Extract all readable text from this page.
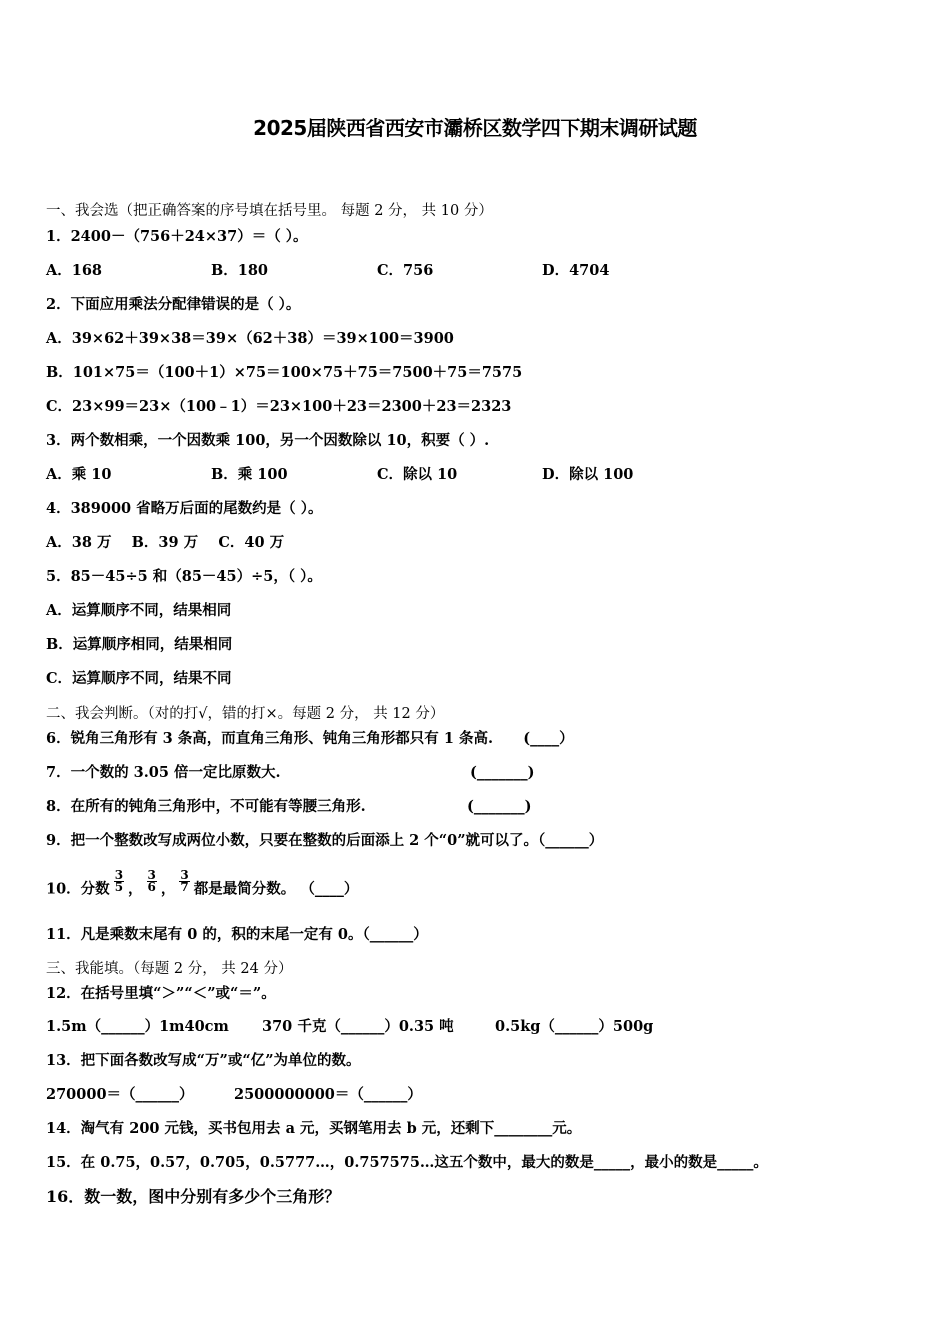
2025届陕西省西安市灞桥区数学四下期末调研试题
一、我会选（把正确答案的序号填在括号里。 每题 2 分， 共 10 分）
1．2400－（756＋24×37）＝（ ）。
A．168	B．180	C．756	D．4704
2．下面应用乘法分配律错误的是（ ）。
A．39×62＋39×38＝39×（62＋38）＝39×100＝3900
B．101×75＝（100＋1）×75＝100×75＋75＝7500＋75＝7575
C．23×99＝23×（100﹣1）＝23×100＋23＝2300＋23＝2323
3．两个数相乘，一个因数乘 100，另一个因数除以 10，积要（ ）.
A．乘 10	B．乘 100	C．除以 10	D．除以 100
4．389000 省略万后面的尾数约是（ ）。
A．38 万    B．39 万    C．40 万
5．85－45÷5 和（85－45）÷5，（ ）。
A．运算顺序不同，结果相同
B．运算顺序相同，结果相同
C．运算顺序不同，结果不同
二、我会判断。（对的打√，错的打×。每题 2 分， 共 12 分）
6．锐角三角形有 3 条高，而直角三角形、钝角三角形都只有 1 条高.      (____）
7．一个数的 3.05 倍一定比原数大.	(_______)
8．在所有的钝角三角形中，不可能有等腰三角形.	(_______)
9．把一个整数改写成两位小数，只要在整数的后面添上 2 个“0”就可以了。（______）
10．分数 $\frac{3}{5}$ ， $\frac{3}{6}$ ， $\frac{3}{7}$ 都是最简分数。 （____）
11．凡是乘数末尾有 0 的，积的末尾一定有 0。（______）
三、我能填。（每题 2 分， 共 24 分）
12．在括号里填“＞”“＜”或“＝”。
1.5m（______）1m40cm 370 千克（______）0.35 吨	0.5kg（______）500g
13．把下面各数改写成“万”或“亿”为单位的数。
270000＝（______）	2500000000＝（______）
14．淘气有 200 元钱，买书包用去 a 元，买钢笔用去 b 元，还剩下________元。
15．在 0.75，0.57，0.705，0.5777…，0.757575…这五个数中，最大的数是_____，最小的数是_____。
16．数一数，图中分别有多少个三角形？
